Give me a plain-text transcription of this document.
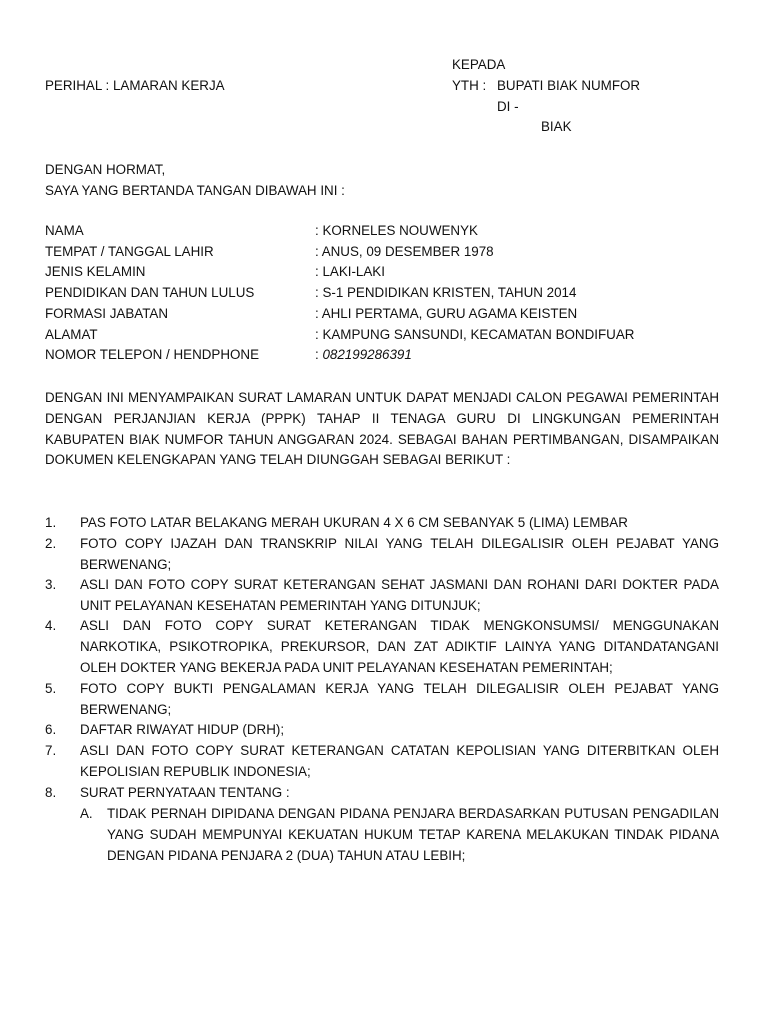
KEPADA
PERIHAL : LAMARAN KERJA	YTH : BUPATI BIAK NUMFOR
DI -
BIAK
DENGAN HORMAT,
SAYA YANG BERTANDA TANGAN DIBAWAH INI :
NAMA	: KORNELES NOUWENYK
TEMPAT / TANGGAL LAHIR	: ANUS, 09 DESEMBER 1978
JENIS KELAMIN	: LAKI-LAKI
PENDIDIKAN DAN TAHUN LULUS	: S-1 PENDIDIKAN KRISTEN, TAHUN 2014
FORMASI JABATAN	: AHLI PERTAMA, GURU AGAMA KEISTEN
ALAMAT	: KAMPUNG SANSUNDI, KECAMATAN BONDIFUAR
NOMOR TELEPON / HENDPHONE	: 082199286391
DENGAN INI MENYAMPAIKAN SURAT LAMARAN UNTUK DAPAT MENJADI CALON PEGAWAI PEMERINTAH DENGAN PERJANJIAN KERJA (PPPK) TAHAP II TENAGA GURU DI LINGKUNGAN PEMERINTAH KABUPATEN BIAK NUMFOR TAHUN ANGGARAN 2024. SEBAGAI BAHAN PERTIMBANGAN, DISAMPAIKAN DOKUMEN KELENGKAPAN YANG TELAH DIUNGGAH SEBAGAI BERIKUT :
1. PAS FOTO LATAR BELAKANG MERAH UKURAN 4 X 6 CM SEBANYAK 5 (LIMA) LEMBAR
2. FOTO COPY IJAZAH DAN TRANSKRIP NILAI YANG TELAH DILEGALISIR OLEH PEJABAT YANG BERWENANG;
3. ASLI DAN FOTO COPY SURAT KETERANGAN SEHAT JASMANI DAN ROHANI DARI DOKTER PADA UNIT PELAYANAN KESEHATAN PEMERINTAH YANG DITUNJUK;
4. ASLI DAN FOTO COPY SURAT KETERANGAN TIDAK MENGKONSUMSI/ MENGGUNAKAN NARKOTIKA, PSIKOTROPIKA, PREKURSOR, DAN ZAT ADIKTIF LAINYA YANG DITANDATANGANI OLEH DOKTER YANG BEKERJA PADA UNIT PELAYANAN KESEHATAN PEMERINTAH;
5. FOTO COPY BUKTI PENGALAMAN KERJA YANG TELAH DILEGALISIR OLEH PEJABAT YANG BERWENANG;
6. DAFTAR RIWAYAT HIDUP (DRH);
7. ASLI DAN FOTO COPY SURAT KETERANGAN CATATAN KEPOLISIAN YANG DITERBITKAN OLEH KEPOLISIAN REPUBLIK INDONESIA;
8. SURAT PERNYATAAN TENTANG :
A. TIDAK PERNAH DIPIDANA DENGAN PIDANA PENJARA BERDASARKAN PUTUSAN PENGADILAN YANG SUDAH MEMPUNYAI KEKUATAN HUKUM TETAP KARENA MELAKUKAN TINDAK PIDANA DENGAN PIDANA PENJARA 2 (DUA) TAHUN ATAU LEBIH;
